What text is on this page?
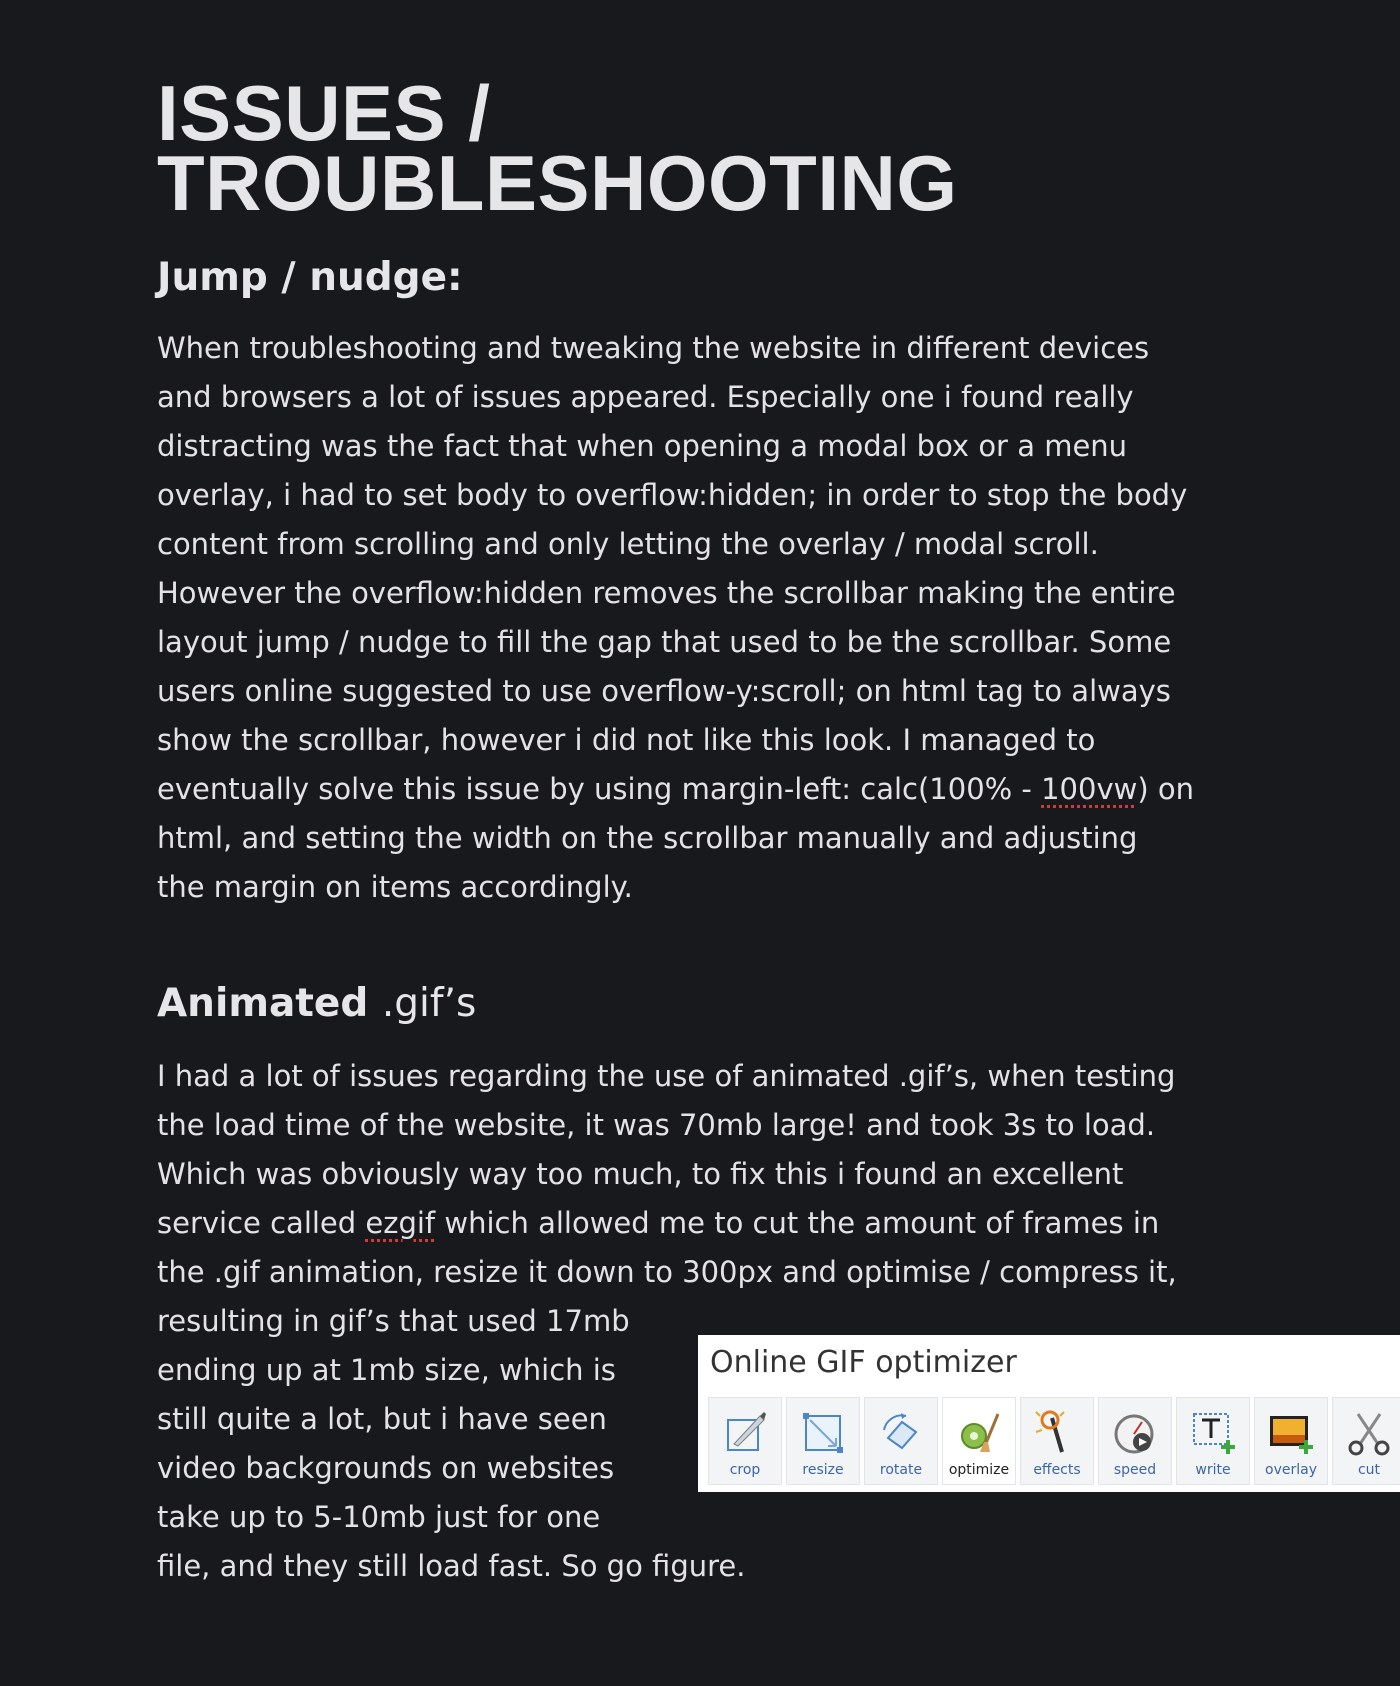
ISSUES /
TROUBLESHOOTING
Jump / nudge:
When troubleshooting and tweaking the website in different devices
and browsers a lot of issues appeared. Especially one i found really
distracting was the fact that when opening a modal box or a menu
overlay, i had to set body to overflow:hidden; in order to stop the body
content from scrolling and only letting the overlay / modal scroll.
However the overflow:hidden removes the scrollbar making the entire
layout jump / nudge to fill the gap that used to be the scrollbar. Some
users online suggested to use overflow-y:scroll; on html tag to always
show the scrollbar, however i did not like this look. I managed to
eventually solve this issue by using margin-left: calc(100% - 100vw) on
html, and setting the width on the scrollbar manually and adjusting
the margin on items accordingly.
Animated .gif’s
I had a lot of issues regarding the use of animated .gif’s, when testing
the load time of the website, it was 70mb large! and took 3s to load.
Which was obviously way too much, to fix this i found an excellent
service called ezgif which allowed me to cut the amount of frames in
the .gif animation, resize it down to 300px and optimise / compress it,
resulting in gif’s that used 17mb
ending up at 1mb size, which is
still quite a lot, but i have seen
video backgrounds on websites
take up to 5-10mb just for one
file, and they still load fast. So go figure.
Online GIF optimizer
crop	resize	rotate optimize effects speed	write overlay	cut
